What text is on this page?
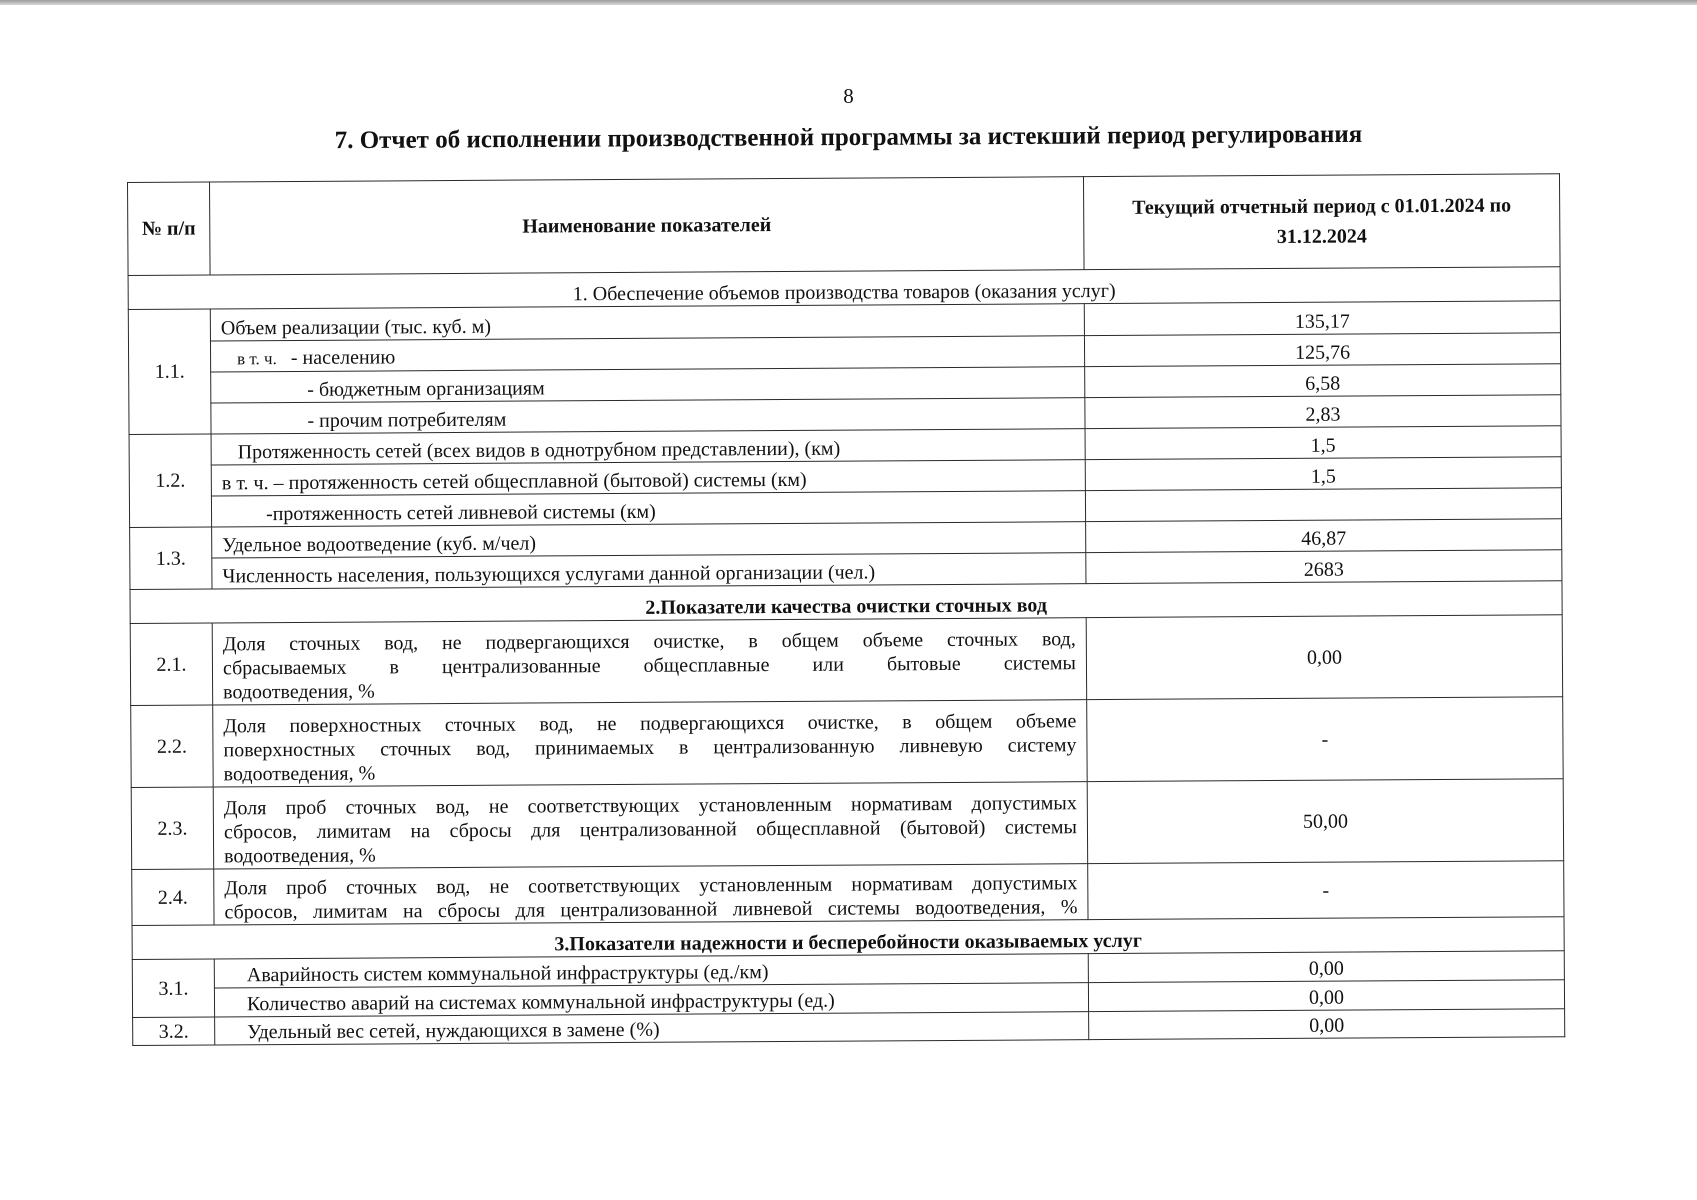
8
7. Отчет об исполнении производственной программы за истекший период регулирования
№ п/п	Наименование показателей	Текущий отчетный период с 01.01.2024 по 31.12.2024
1. Обеспечение объемов производства товаров (оказания услуг)		
1.1.	Объем реализации (тыс. куб. м)	135,17
	в т. ч. - населению	125,76
	- бюджетным организациям	6,58
	- прочим потребителям	2,83
1.2.	Протяженность сетей (всех видов в однотрубном представлении), (км)	1,5
	в т. ч. – протяженность сетей общесплавной (бытовой) системы (км)	1,5
	-протяженность сетей ливневой системы (км)	
1.3.	Удельное водоотведение (куб. м/чел)	46,87
	Численность населения, пользующихся услугами данной организации (чел.)	2683
2.Показатели качества очистки сточных вод		
2.1.	Доля сточных вод, не подвергающихся очистке, в общем объеме сточных вод,
сбрасываемых в централизованные общесплавные или бытовые системы
водоотведения, %	0,00
2.2.	Доля поверхностных сточных вод, не подвергающихся очистке, в общем объеме
поверхностных сточных вод, принимаемых в централизованную ливневую систему
водоотведения, %	-
2.3.	Доля проб сточных вод, не соответствующих установленным нормативам допустимых
сбросов, лимитам на сбросы для централизованной общесплавной (бытовой) системы
водоотведения, %	50,00
2.4.	Доля проб сточных вод, не соответствующих установленным нормативам допустимых
сбросов, лимитам на сбросы для централизованной ливневой системы водоотведения, %	-
3.Показатели надежности и бесперебойности оказываемых услуг		
3.1.	Аварийность систем коммунальной инфраструктуры (ед./км)	0,00
	Количество аварий на системах коммунальной инфраструктуры (ед.)	0,00
3.2.	Удельный вес сетей, нуждающихся в замене (%)	0,00
